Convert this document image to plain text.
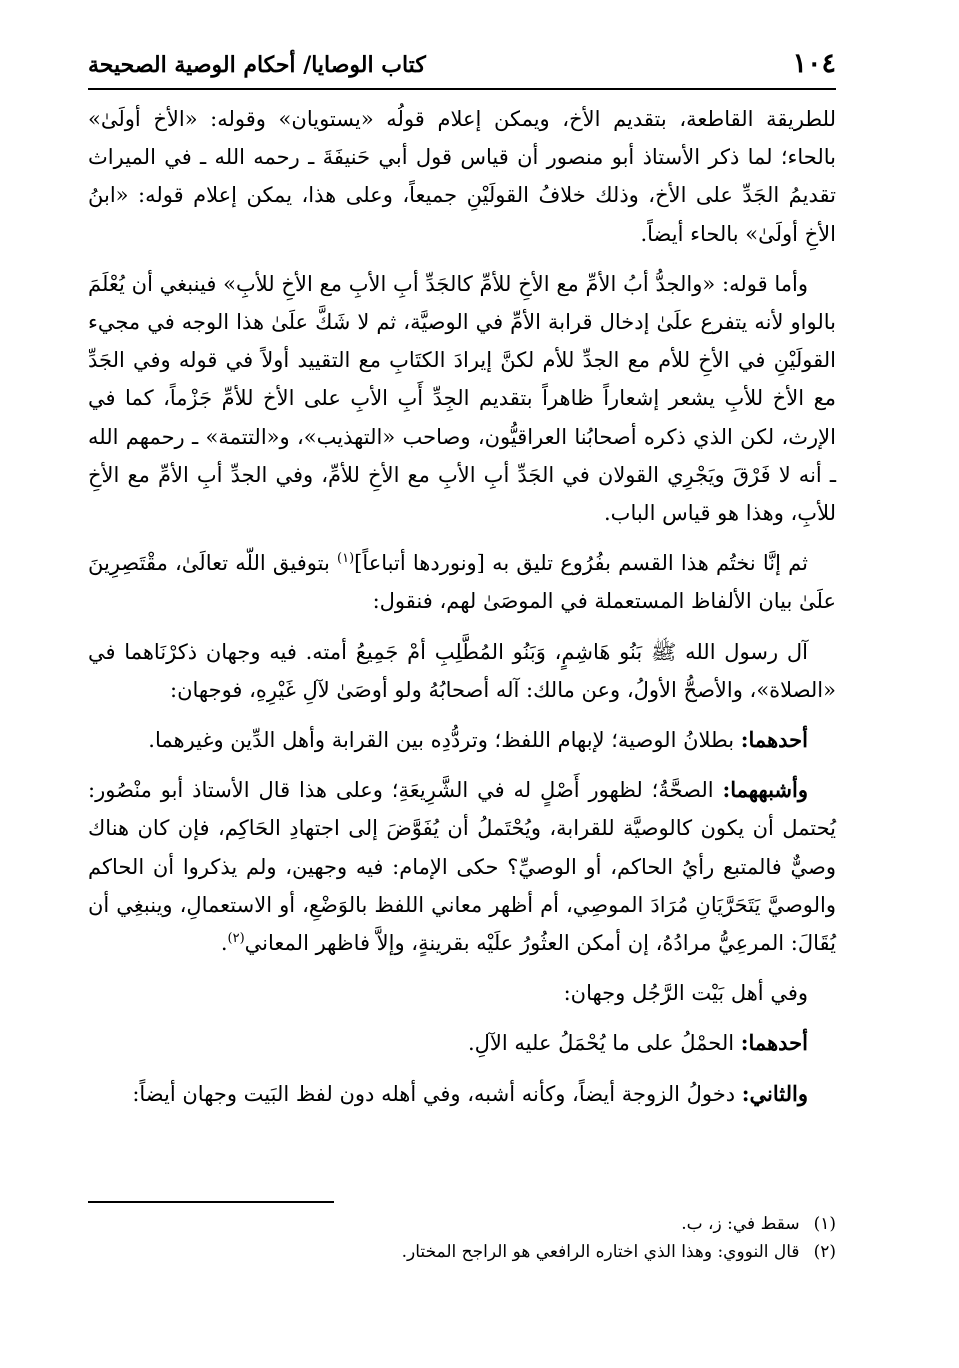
١٠٤
كتاب الوصايا/ أحكام الوصية الصحيحة

للطريقة القاطعة، بتقديم الأخ، ويمكن إعلام قولُه «يستويان» وقوله: «الأخ أولَىٰ» بالحاء؛ لما ذكر الأستاذ أبو منصور أن قياس قول أبي حَنيفَةَ ـ رحمه الله ـ في الميراث تقديمُ الجَدِّ على الأخ، وذلك خلافُ القولَيْنِ جميعاً، وعلى هذا، يمكن إعلام قوله: «ابنُ الأخِ أولَىٰ» بالحاء أيضاً.

وأما قوله: «والجدُّ أبُ الأمِّ مع الأخِ للأمِّ كالجَدِّ أبِ الأبِ مع الأخِ للأبِ» فينبغي أن يُعْلَمَ بالواو لأنه يتفرع علَىٰ إدخال قرابة الأمِّ في الوصيَّة، ثم لا شَكَّ علَىٰ هذا الوجه في مجيء القولَيْنِ في الأخِ للأم مع الجدِّ للأم لكنَّ إيرادَ الكتَابِ مع التقييد أولاً في قوله وفي الجَدِّ مع الأخ للأبِ يشعر إشعاراً ظاهراً بتقديم الجِدِّ أَبِ الأبِ على الأخ للأمِّ جَزْماً، كما في الإرث، لكن الذي ذكره أصحابُنا العراقيُّون، وصاحب «التهذيب»، و«التتمة» ـ رحمهم الله ـ أنه لا فَرْقَ ويَجْرِي القولان في الجَدِّ أبِ الأبِ مع الأخِ للأمِّ، وفي الجدِّ أبِ الأمِّ مع الأخِ للأبِ، وهذا هو قياس الباب.

ثم إنَّا نختُم هذا القسم بفُرُوع تليق به [ونوردها أتباعاً]$^{(١)}$ بتوفيق اللّه تعالَىٰ، مقْتَصِرِينَ علَىٰ بيان الألفاظ المستعملة في الموصَىٰ لهم، فنقول:

آل رسول الله ﷺ بَنُو هَاشِمٍ، وَبَنُو المُطَّلِبِ أمْ جَمِيعُ أمته. فيه وجهان ذكرْنَاهما في «الصلاة»، والأصحُّ الأولُ، وعن مالك: آله أصحابُهُ ولو أوصَىٰ لآلِ غَيْرِهِ، فوجهان:

أحدهما: بطلانُ الوصية؛ لإبهام اللفظ؛ وتردُّدِه بين القرابة وأهل الدِّين وغيرهما.

وأشبههما: الصحَّةُ؛ لظهور أَصْلٍ له في الشَّرِيعَةِ؛ وعلى هذا قال الأستاذ أبو منْصُور: يُحتمل أن يكون كالوصيَّة للقرابة، ويُحْتَملُ أن يُفَوَّضَ إلى اجتهادِ الحَاكِم، فإن كان هناك وصيٌّ فالمتبع رأيُ الحاكم، أو الوصيِّ؟ حكى الإمام: فيه وجهين، ولم يذكروا أن الحاكم والوصيَّ يَتَحَرَّيَانِ مُرَادَ الموصِي، أم أظهر معاني اللفظ بالوَضْعِ، أو الاستعمالِ، وينبغِي أن يُقَالَ: المرعِيُّ مرادُهُ، إن أمكن العثُورُ علَيْه بقرينةٍ، وإلاَّ فاظهر المعاني$^{(٢)}$.

وفي أهل بَيْت الرَّجُل وجهان:

أحدهما: الحمْلُ على ما يُحْمَلُ عليه الآلِ.

والثاني: دخولُ الزوجة أيضاً، وكأنه أشبه، وفي أهله دون لفظ البَيت وجهان أيضاً:

(١)
سقط في: ز، ب.
(٢)
قال النووي: وهذا الذي اختاره الرافعي هو الراجح المختار.
